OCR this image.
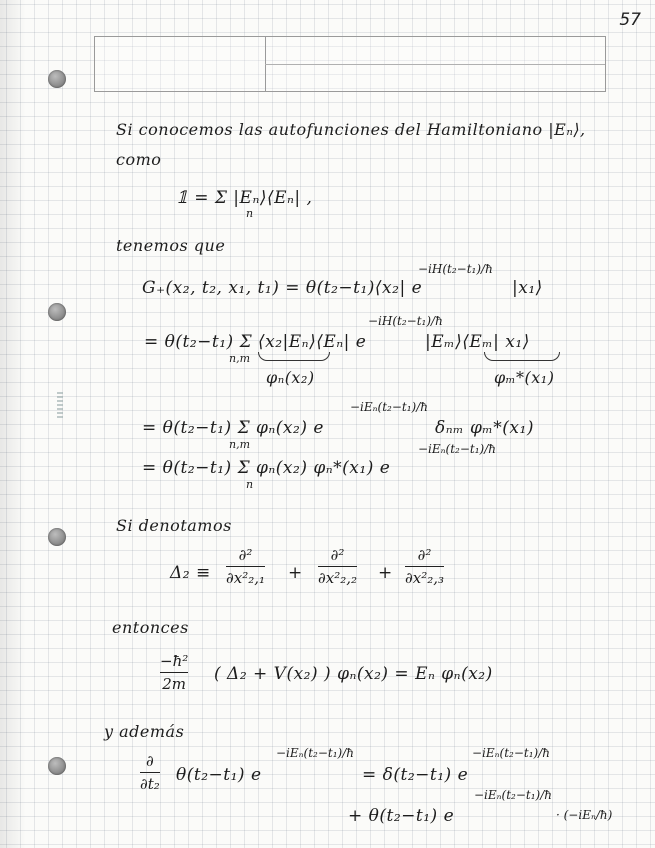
57
Si conocemos las autofunciones del Hamiltoniano |Eₙ⟩,
como
𝟙 = Σ |Eₙ⟩⟨Eₙ| ,
n
tenemos que
G₊(x₂, t₂, x₁, t₁) = θ(t₂−t₁)⟨x₂| e
−iH(t₂−t₁)/ħ
|x₁⟩
= θ(t₂−t₁) Σ ⟨x₂|Eₙ⟩⟨Eₙ| e
n,m
−iH(t₂−t₁)/ħ
|Eₘ⟩⟨Eₘ| x₁⟩
φₙ(x₂)	φₘ*(x₁)
= θ(t₂−t₁) Σ φₙ(x₂) e
n,m
−iEₙ(t₂−t₁)/ħ
δₙₘ φₘ*(x₁)
= θ(t₂−t₁) Σ φₙ(x₂) φₙ*(x₁) e
n
−iEₙ(t₂−t₁)/ħ
Si denotamos
Δ₂ ≡
∂²
∂x²₂,₁ +
∂²
∂x²₂,₂ +
∂²
∂x²₂,₃
entonces
−ħ²
2m ( Δ₂ + V(x₂) ) φₙ(x₂) = Eₙ φₙ(x₂)
y además
∂
∂t₂ θ(t₂−t₁) e
−iEₙ(t₂−t₁)/ħ
= δ(t₂−t₁) e
−iEₙ(t₂−t₁)/ħ
+ θ(t₂−t₁) e
−iEₙ(t₂−t₁)/ħ
· (−iEₙ/ħ)
